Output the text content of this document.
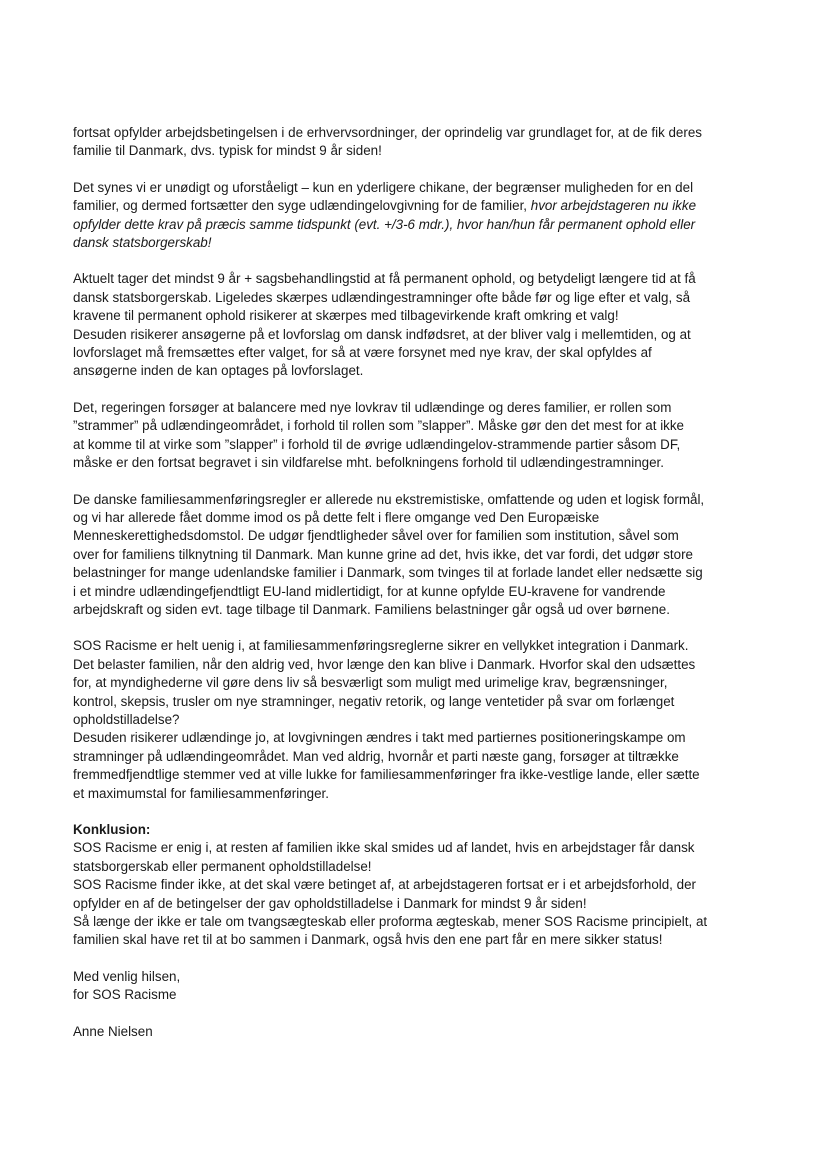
fortsat opfylder arbejdsbetingelsen i de erhvervsordninger, der oprindelig var grundlaget for, at de fik deres
familie til Danmark, dvs. typisk for mindst 9 år siden!

Det synes vi er unødigt og uforståeligt – kun en yderligere chikane, der begrænser muligheden for en del
familier, og dermed fortsætter den syge udlændingelovgivning for de familier, hvor arbejdstageren nu ikke
opfylder dette krav på præcis samme tidspunkt (evt. +/3-6 mdr.), hvor han/hun får permanent ophold eller
dansk statsborgerskab!

Aktuelt tager det mindst 9 år + sagsbehandlingstid at få permanent ophold, og betydeligt længere tid at få
dansk statsborgerskab. Ligeledes skærpes udlændingestramninger ofte både før og lige efter et valg, så
kravene til permanent ophold risikerer at skærpes med tilbagevirkende kraft omkring et valg!
Desuden risikerer ansøgerne på et lovforslag om dansk indfødsret, at der bliver valg i mellemtiden, og at
lovforslaget må fremsættes efter valget, for så at være forsynet med nye krav, der skal opfyldes af
ansøgerne inden de kan optages på lovforslaget.

Det, regeringen forsøger at balancere med nye lovkrav til udlændinge og deres familier, er rollen som
”strammer” på udlændingeområdet, i forhold til rollen som ”slapper”. Måske gør den det mest for at ikke
at komme til at virke som ”slapper” i forhold til de øvrige udlændingelov-strammende partier såsom DF,
måske er den fortsat begravet i sin vildfarelse mht. befolkningens forhold til udlændingestramninger.

De danske familiesammenføringsregler er allerede nu ekstremistiske, omfattende og uden et logisk formål,
og vi har allerede fået domme imod os på dette felt i flere omgange ved Den Europæiske
Menneskerettighedsdomstol. De udgør fjendtligheder såvel over for familien som institution, såvel som
over for familiens tilknytning til Danmark. Man kunne grine ad det, hvis ikke, det var fordi, det udgør store
belastninger for mange udenlandske familier i Danmark, som tvinges til at forlade landet eller nedsætte sig
i et mindre udlændingefjendtligt EU-land midlertidigt, for at kunne opfylde EU-kravene for vandrende
arbejdskraft og siden evt. tage tilbage til Danmark. Familiens belastninger går også ud over børnene.

SOS Racisme er helt uenig i, at familiesammenføringsreglerne sikrer en vellykket integration i Danmark.
Det belaster familien, når den aldrig ved, hvor længe den kan blive i Danmark. Hvorfor skal den udsættes
for, at myndighederne vil gøre dens liv så besværligt som muligt med urimelige krav, begrænsninger,
kontrol, skepsis, trusler om nye stramninger, negativ retorik, og lange ventetider på svar om forlænget
opholdstilladelse?
Desuden risikerer udlændinge jo, at lovgivningen ændres i takt med partiernes positioneringskampe om
stramninger på udlændingeområdet. Man ved aldrig, hvornår et parti næste gang, forsøger at tiltrække
fremmedfjendtlige stemmer ved at ville lukke for familiesammenføringer fra ikke-vestlige lande, eller sætte
et maximumstal for familiesammenføringer.

Konklusion:
SOS Racisme er enig i, at resten af familien ikke skal smides ud af landet, hvis en arbejdstager får dansk
statsborgerskab eller permanent opholdstilladelse!
SOS Racisme finder ikke, at det skal være betinget af, at arbejdstageren fortsat er i et arbejdsforhold, der
opfylder en af de betingelser der gav opholdstilladelse i Danmark for mindst 9 år siden!
Så længe der ikke er tale om tvangsægteskab eller proforma ægteskab, mener SOS Racisme principielt, at
familien skal have ret til at bo sammen i Danmark, også hvis den ene part får en mere sikker status!

Med venlig hilsen,
for SOS Racisme

Anne Nielsen
